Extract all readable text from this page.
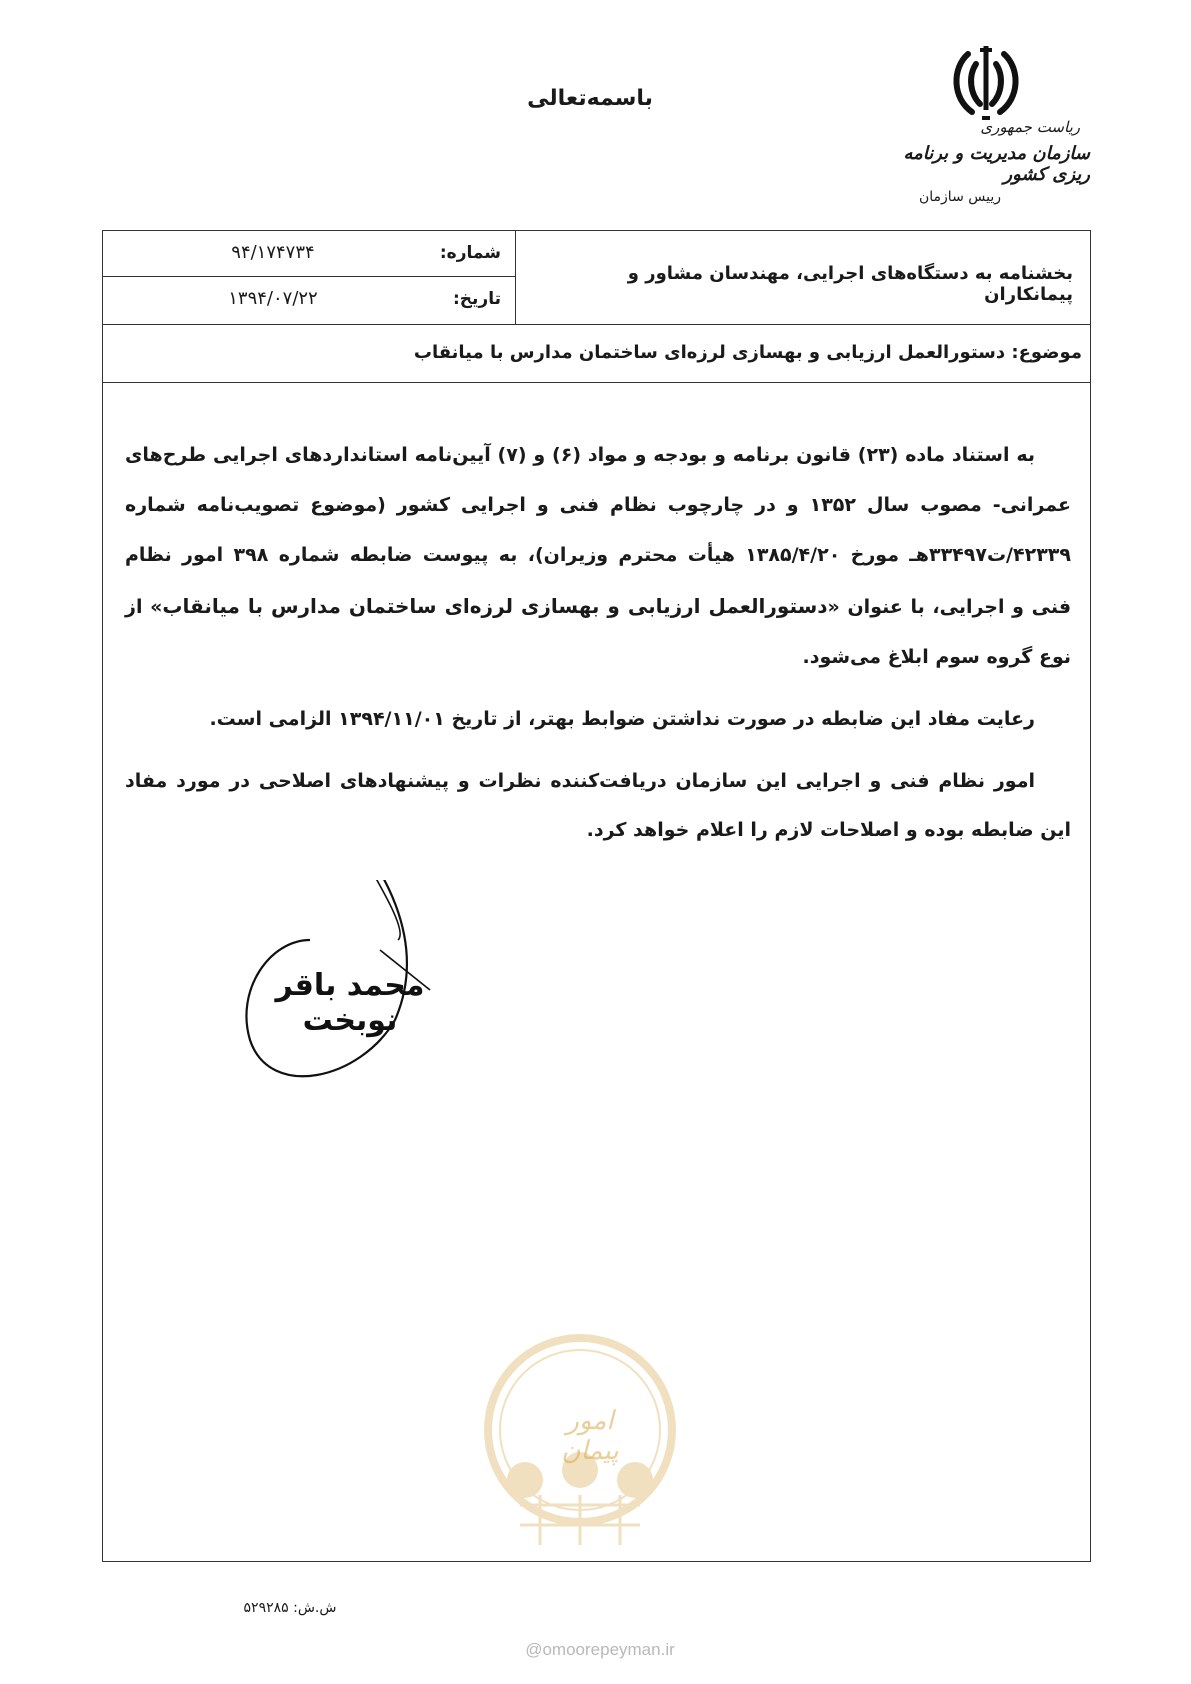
باسمه‌تعالی
ریاست جمهوری
سازمان مدیریت و برنامه ریزی کشور
رییس سازمان
شماره:
۹۴/۱۷۴۷۳۴
تاریخ:
۱۳۹۴/۰۷/۲۲
بخشنامه به دستگاه‌های اجرایی، مهندسان مشاور و پیمانکاران
موضوع: دستورالعمل ارزیابی و بهسازی لرزه‌ای ساختمان مدارس با میانقاب

به استناد ماده (۲۳) قانون برنامه و بودجه و مواد (۶) و (۷) آیین‌نامه استانداردهای اجرایی طرح‌های عمرانی- مصوب سال ۱۳۵۲ و در چارچوب نظام فنی و اجرایی کشور (موضوع تصویب‌نامه شماره ۴۲۳۳۹/ت۳۳۴۹۷هـ مورخ ۱۳۸۵/۴/۲۰ هیأت محترم وزیران)، به پیوست ضابطه شماره ۳۹۸ امور نظام فنی و اجرایی، با عنوان «دستورالعمل ارزیابی و بهسازی لرزه‌ای ساختمان مدارس با میانقاب» از نوع گروه سوم ابلاغ می‌شود.

رعایت مفاد این ضابطه در صورت نداشتن ضوابط بهتر، از تاریخ ۱۳۹۴/۱۱/۰۱ الزامی است.

امور نظام فنی و اجرایی این سازمان دریافت‌کننده نظرات و پیشنهادهای اصلاحی در مورد مفاد این ضابطه بوده و اصلاحات لازم را اعلام خواهد کرد.

محمد باقر نوبخت
امور پیمان
ش.ش: ۵۲۹۲۸۵
@omoorepeyman.ir
